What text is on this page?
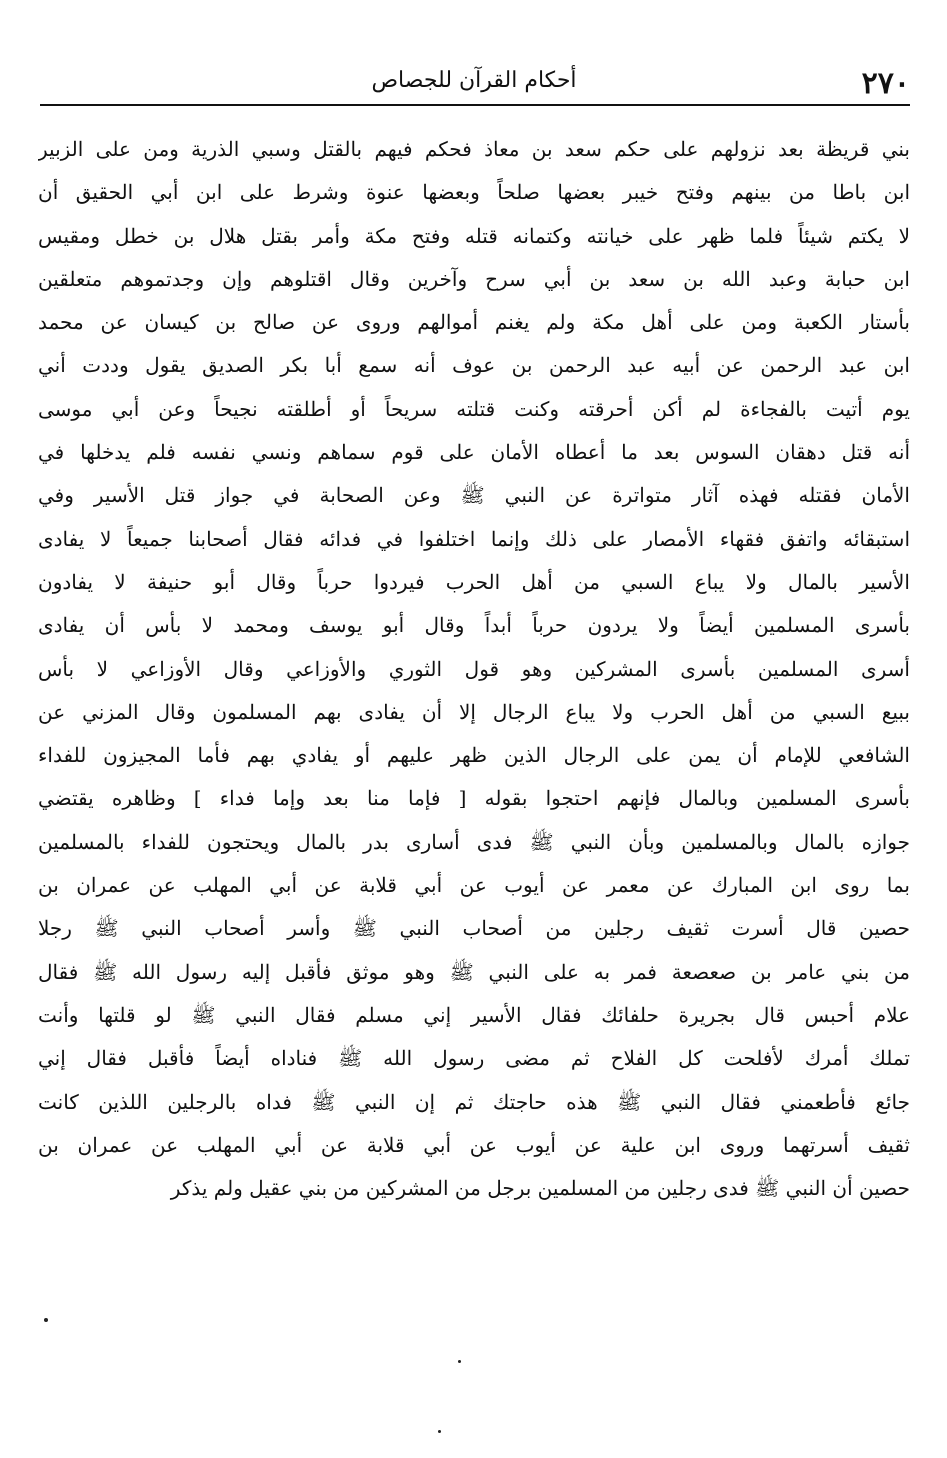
٢٧٠
أحكام القرآن للجصاص
بني قريظة بعد نزولهم على حكم سعد بن معاذ فحكم فيهم بالقتل وسبي الذرية ومن على الزبير
ابن باطا من بينهم وفتح خيبر بعضها صلحاً وبعضها عنوة وشرط على ابن أبي الحقيق أن
لا يكتم شيئاً فلما ظهر على خيانته وكتمانه قتله وفتح مكة وأمر بقتل هلال بن خطل ومقيس
ابن حبابة وعبد الله بن سعد بن أبي سرح وآخرين وقال اقتلوهم وإن وجدتموهم متعلقين
بأستار الكعبة ومن على أهل مكة ولم يغنم أموالهم وروى عن صالح بن كيسان عن محمد
ابن عبد الرحمن عن أبيه عبد الرحمن بن عوف أنه سمع أبا بكر الصديق يقول وددت أني
يوم أتيت بالفجاءة لم أكن أحرقته وكنت قتلته سريحاً أو أطلقته نجيحاً وعن أبي موسى
أنه قتل دهقان السوس بعد ما أعطاه الأمان على قوم سماهم ونسي نفسه فلم يدخلها في
الأمان فقتله فهذه آثار متواترة عن النبي ﷺ وعن الصحابة في جواز قتل الأسير وفي
استبقائه واتفق فقهاء الأمصار على ذلك وإنما اختلفوا في فدائه فقال أصحابنا جميعاً لا يفادى
الأسير بالمال ولا يباع السبي من أهل الحرب فيردوا حرباً وقال أبو حنيفة لا يفادون
بأسرى المسلمين أيضاً ولا يردون حرباً أبداً وقال أبو يوسف ومحمد لا بأس أن يفادى
أسرى المسلمين بأسرى المشركين وهو قول الثوري والأوزاعي وقال الأوزاعي لا بأس
ببيع السبي من أهل الحرب ولا يباع الرجال إلا أن يفادى بهم المسلمون وقال المزني عن
الشافعي للإمام أن يمن على الرجال الذين ظهر عليهم أو يفادي بهم فأما المجيزون للفداء
بأسرى المسلمين وبالمال فإنهم احتجوا بقوله [ فإما منا بعد وإما فداء ] وظاهره يقتضي
جوازه بالمال وبالمسلمين وبأن النبي ﷺ فدى أسارى بدر بالمال ويحتجون للفداء بالمسلمين
بما روى ابن المبارك عن معمر عن أيوب عن أبي قلابة عن أبي المهلب عن عمران بن
حصين قال أسرت ثقيف رجلين من أصحاب النبي ﷺ وأسر أصحاب النبي ﷺ رجلا
من بني عامر بن صعصعة فمر به على النبي ﷺ وهو موثق فأقبل إليه رسول الله ﷺ فقال
علام أحبس قال بجريرة حلفائك فقال الأسير إني مسلم فقال النبي ﷺ لو قلتها وأنت
تملك أمرك لأفلحت كل الفلاح ثم مضى رسول الله ﷺ فناداه أيضاً فأقبل فقال إني
جائع فأطعمني فقال النبي ﷺ هذه حاجتك ثم إن النبي ﷺ فداه بالرجلين اللذين كانت
ثقيف أسرتهما وروى ابن علية عن أيوب عن أبي قلابة عن أبي المهلب عن عمران بن
حصين أن النبي ﷺ فدى رجلين من المسلمين برجل من المشركين من بني عقيل ولم يذكر
